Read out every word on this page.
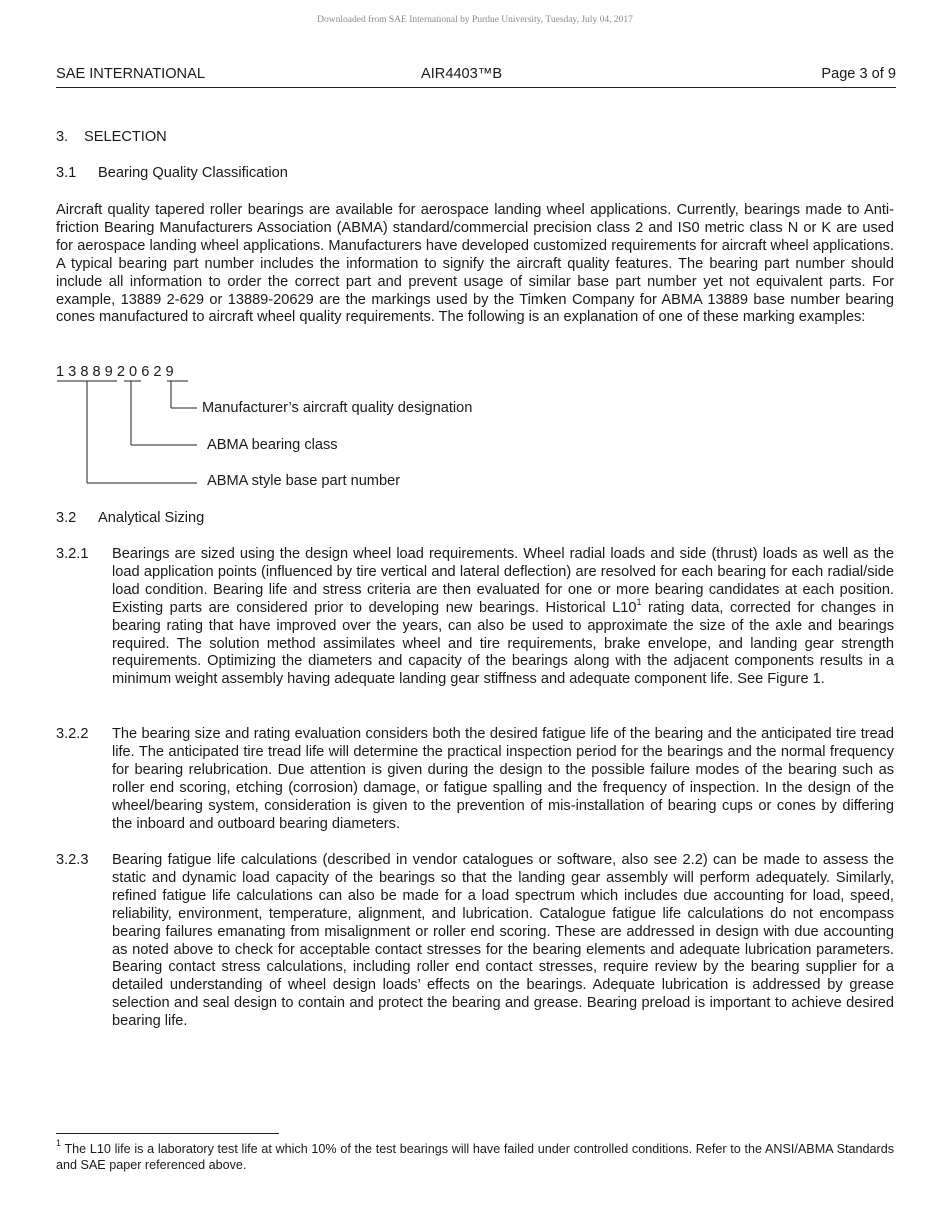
Downloaded from SAE International by Purdue University, Tuesday, July 04, 2017
SAE INTERNATIONAL	AIR4403™B	Page 3 of 9
3. SELECTION
3.1 Bearing Quality Classification

Aircraft quality tapered roller bearings are available for aerospace landing wheel applications. Currently, bearings made to Anti-friction Bearing Manufacturers Association (ABMA) standard/commercial precision class 2 and IS0 metric class N or K are used for aerospace landing wheel applications. Manufacturers have developed customized requirements for aircraft wheel applications. A typical bearing part number includes the information to signify the aircraft quality features. The bearing part number should include all information to order the correct part and prevent usage of similar base part number yet not equivalent parts. For example, 13889 2-629 or 13889-20629 are the markings used by the Timken Company for ABMA 13889 base number bearing cones manufactured to aircraft wheel quality requirements. The following is an explanation of one of these marking examples:

1 3 8 8 9 2 0 6 2 9
Manufacturer’s aircraft quality designation
ABMA bearing class
ABMA style base part number
3.2 Analytical Sizing
3.2.1 Bearings are sized using the design wheel load requirements. Wheel radial loads and side (thrust) loads as well as the load application points (influenced by tire vertical and lateral deflection) are resolved for each bearing for each radial/side load condition. Bearing life and stress criteria are then evaluated for one or more bearing candidates at each position. Existing parts are considered prior to developing new bearings. Historical $L10^1$ rating data, corrected for changes in bearing rating that have improved over the years, can also be used to approximate the size of the axle and bearings required. The solution method assimilates wheel and tire requirements, brake envelope, and landing gear strength requirements. Optimizing the diameters and capacity of the bearings along with the adjacent components results in a minimum weight assembly having adequate landing gear stiffness and adequate component life. See Figure 1.

3.2.2 The bearing size and rating evaluation considers both the desired fatigue life of the bearing and the anticipated tire tread life. The anticipated tire tread life will determine the practical inspection period for the bearings and the normal frequency for bearing relubrication. Due attention is given during the design to the possible failure modes of the bearing such as roller end scoring, etching (corrosion) damage, or fatigue spalling and the frequency of inspection. In the design of the wheel/bearing system, consideration is given to the prevention of mis-installation of bearing cups or cones by differing the inboard and outboard bearing diameters.

3.2.3 Bearing fatigue life calculations (described in vendor catalogues or software, also see 2.2) can be made to assess the static and dynamic load capacity of the bearings so that the landing gear assembly will perform adequately. Similarly, refined fatigue life calculations can also be made for a load spectrum which includes due accounting for load, speed, reliability, environment, temperature, alignment, and lubrication. Catalogue fatigue life calculations do not encompass bearing failures emanating from misalignment or roller end scoring. These are addressed in design with due accounting as noted above to check for acceptable contact stresses for the bearing elements and adequate lubrication parameters. Bearing contact stress calculations, including roller end contact stresses, require review by the bearing supplier for a detailed understanding of wheel design loads’ effects on the bearings. Adequate lubrication is addressed by grease selection and seal design to contain and protect the bearing and grease. Bearing preload is important to achieve desired bearing life.

$^1$ The L10 life is a laboratory test life at which 10% of the test bearings will have failed under controlled conditions. Refer to the ANSI/ABMA Standards and SAE paper referenced above.
